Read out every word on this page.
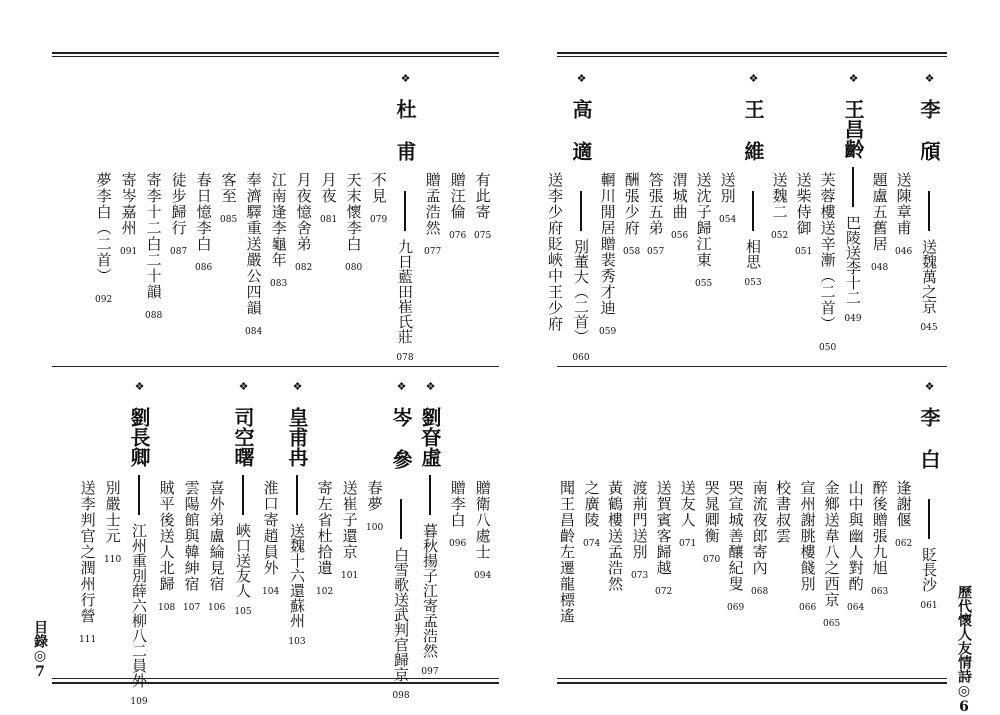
歷代懷人友情詩◎6
目錄◎7
❖李頎送魏萬之京045
送陳章甫046
題盧五舊居048
❖王昌齡巴陵送李十二049
芙蓉樓送辛漸（二首）050
送柴侍御051
送魏二052
❖王維相思053
送別054
送沈子歸江東055
渭城曲056
答張五弟057
酬張少府058
輞川閒居贈裴秀才迪059
❖高適別董大（二首）060
送李少府貶峽中王少府
❖李白貶長沙061
逢謝偃062
醉後贈張九旭063
山中與幽人對酌064
金鄉送韋八之西京065
宣州謝朓樓餞別066
校書叔雲
南流夜郎寄內068
哭宣城善釀紀叟069
哭晁卿衡070
送友人071
送賀賓客歸越072
渡荊門送別073
黃鶴樓送孟浩然
之廣陵074
聞王昌齡左遷龍標遙
有此寄075
贈汪倫076
贈孟浩然077
❖杜甫九日藍田崔氏莊078
不見079
天末懷李白080
月夜081
月夜憶舍弟082
江南逢李龜年083
奉濟驛重送嚴公四韻084
客至085
春日憶李白086
徒步歸行087
寄李十二白二十韻088
寄岑嘉州091
夢李白（二首）092
贈衛八處士094
贈李白096
❖劉眘虛暮秋揚子江寄孟浩然097
❖岑參白雪歌送武判官歸京098
春夢100
送崔子還京101
寄左省杜拾遺102
❖皇甫冉送魏十六還蘇州103
淮口寄趙員外104
❖司空曙峽口送友人105
喜外弟盧綸見宿106
雲陽館與韓紳宿107
賊平後送人北歸108
❖劉長卿江州重別薛六柳八二員外109
別嚴士元110
送李判官之潤州行營111
